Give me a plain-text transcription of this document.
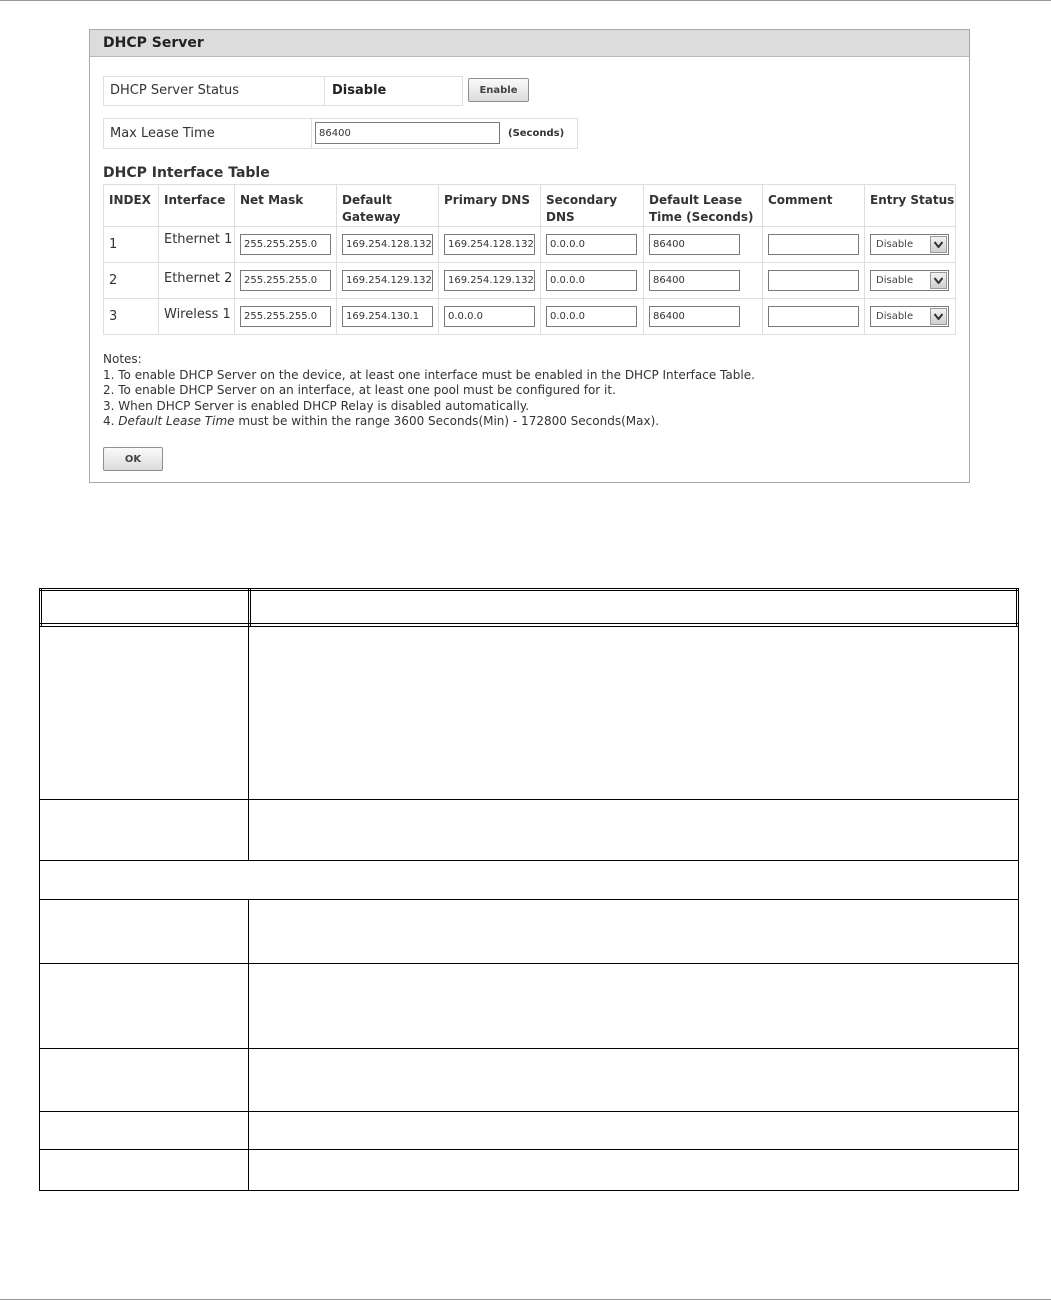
DHCP Server
DHCP Server Status	Disable	Enable
Max Lease Time	86400	(Seconds)
DHCP Interface Table
INDEX	Interface	Net Mask	Default Gateway	Primary DNS	Secondary DNS	Default Lease Time (Seconds)	Comment	Entry Status
1	Ethernet 1	255.255.255.0	169.254.128.132	169.254.128.132	0.0.0.0	86400		Disable

2	Ethernet 2	255.255.255.0	169.254.129.132	169.254.129.132	0.0.0.0	86400		Disable

3	Wireless 1	255.255.255.0	169.254.130.1	0.0.0.0	0.0.0.0	86400		Disable
Notes:
1. To enable DHCP Server on the device, at least one interface must be enabled in the DHCP Interface Table.
2. To enable DHCP Server on an interface, at least one pool must be configured for it.
3. When DHCP Server is enabled DHCP Relay is disabled automatically.
4. Default Lease Time must be within the range 3600 Seconds(Min) - 172800 Seconds(Max).
OK
